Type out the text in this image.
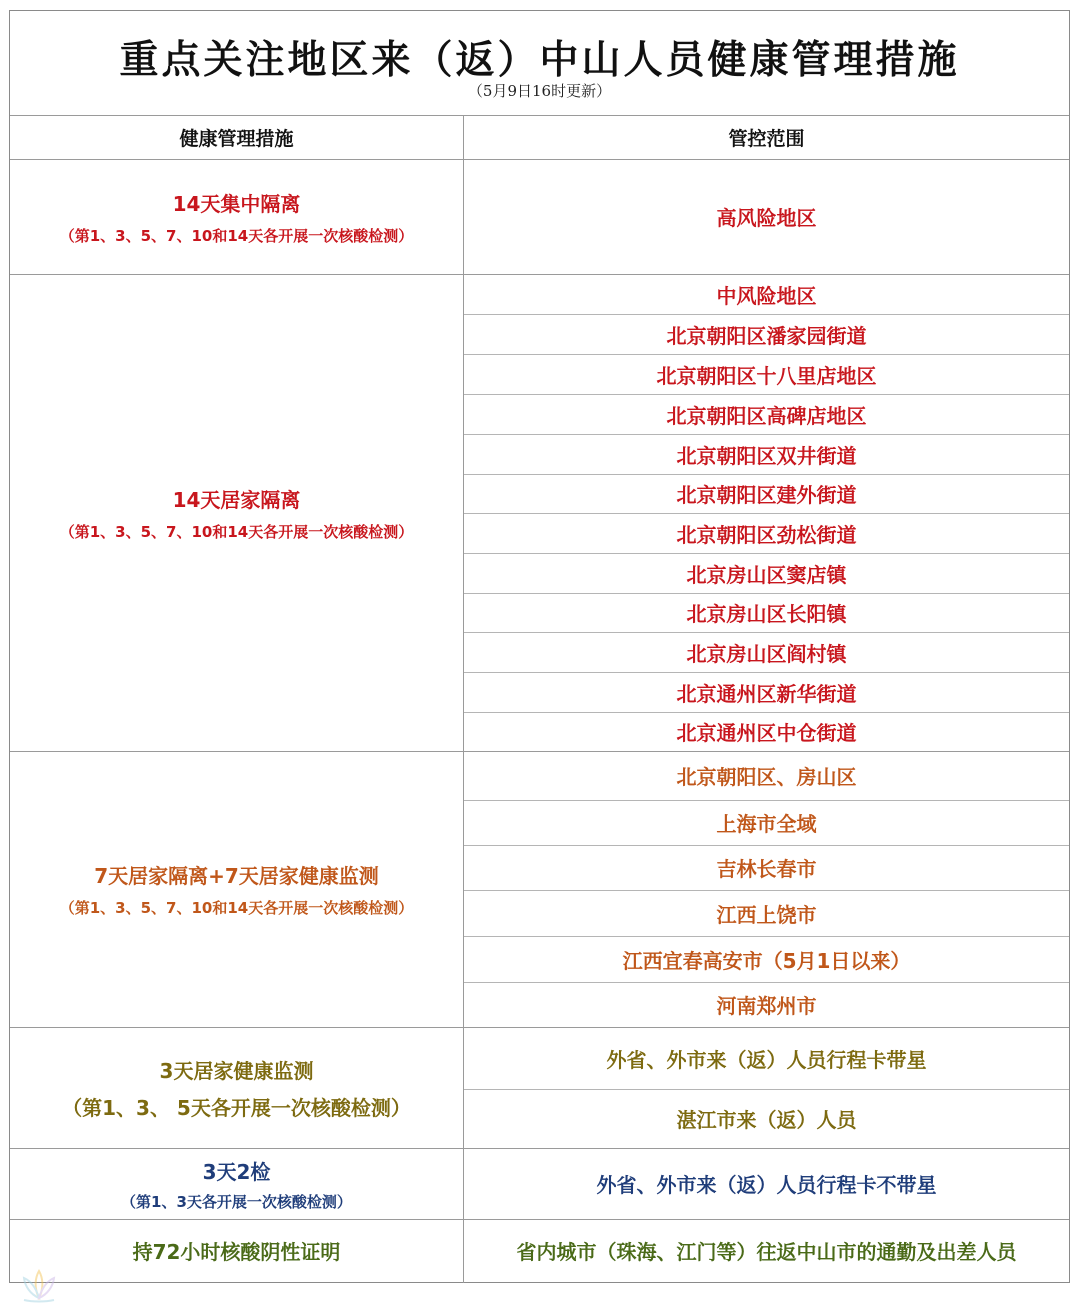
重点关注地区来（返）中山人员健康管理措施
（5月9日16时更新）
健康管理措施	管控范围
14天集中隔离
（第1、3、5、7、10和14天各开展一次核酸检测）
高风险地区
14天居家隔离
（第1、3、5、7、10和14天各开展一次核酸检测）
中风险地区
北京朝阳区潘家园街道
北京朝阳区十八里店地区
北京朝阳区高碑店地区
北京朝阳区双井街道
北京朝阳区建外街道
北京朝阳区劲松街道
北京房山区窦店镇
北京房山区长阳镇
北京房山区阎村镇
北京通州区新华街道
北京通州区中仓街道
7天居家隔离+7天居家健康监测
（第1、3、5、7、10和14天各开展一次核酸检测）
北京朝阳区、房山区
上海市全域
吉林长春市
江西上饶市
江西宜春高安市（5月1日以来）
河南郑州市
3天居家健康监测
（第1、3、 5天各开展一次核酸检测）
外省、外市来（返）人员行程卡带星
湛江市来（返）人员
3天2检
（第1、3天各开展一次核酸检测）
外省、外市来（返）人员行程卡不带星
持72小时核酸阴性证明	省内城市（珠海、江门等）往返中山市的通勤及出差人员
